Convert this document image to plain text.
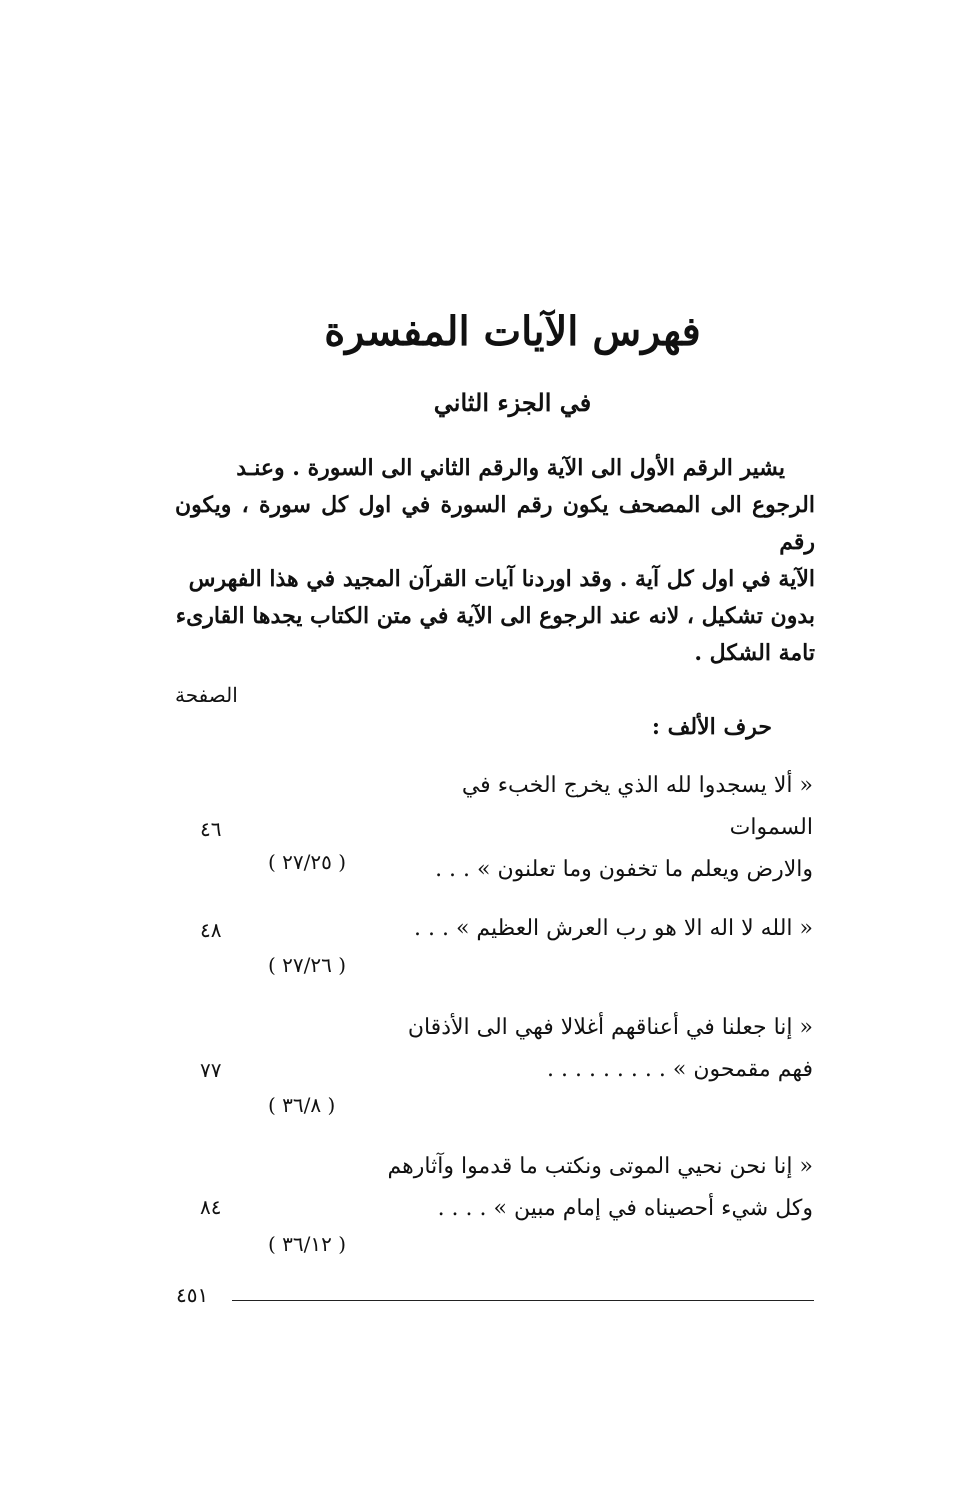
فهرس الآيات المفسرة
في الجزء الثاني
يشير الرقم الأول الى الآية والرقم الثاني الى السورة . وعنـد
الرجوع الى المصحف يكون رقم السورة في اول كل سورة ، ويكون رقم
الآية في اول كل آية . وقد اوردنا آيات القرآن المجيد في هذا الفهرس
بدون تشكيل ، لانه عند الرجوع الى الآية في متن الكتاب يجدها القارىء
تامة الشكل .
الصفحة
حرف الألف :
« ألا يسجدوا لله الذي يخرج الخبء في السموات
والارض ويعلم ما تخفون وما تعلنون » . . .
٤٦
( ٢٧/٢٥ )
« الله لا اله الا هو رب العرش العظيم » . . .
٤٨
( ٢٧/٢٦ )
« إنا جعلنا في أعناقهم أغلالا فهي الى الأذقان
فهم مقمحون » . . . . . . . . .
٧٧
( ٣٦/٨ )
« إنا نحن نحيي الموتى ونكتب ما قدموا وآثارهم
وكل شيء أحصيناه في إمام مبين » . . . .
٨٤
( ٣٦/١٢ )
٤٥١
